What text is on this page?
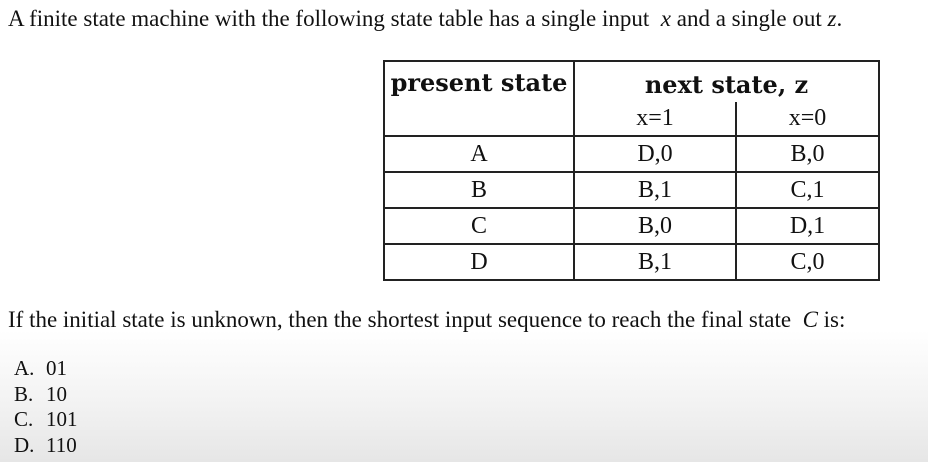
A finite state machine with the following state table has a single input x and a single out z.
present state	next state, z	
	x=1	x=0
A	D,0	B,0
B	B,1	C,1
C	B,0	D,1
D	B,1	C,0
If the initial state is unknown, then the shortest input sequence to reach the final state C is:
A. 01
B. 10
C. 101
D. 110
